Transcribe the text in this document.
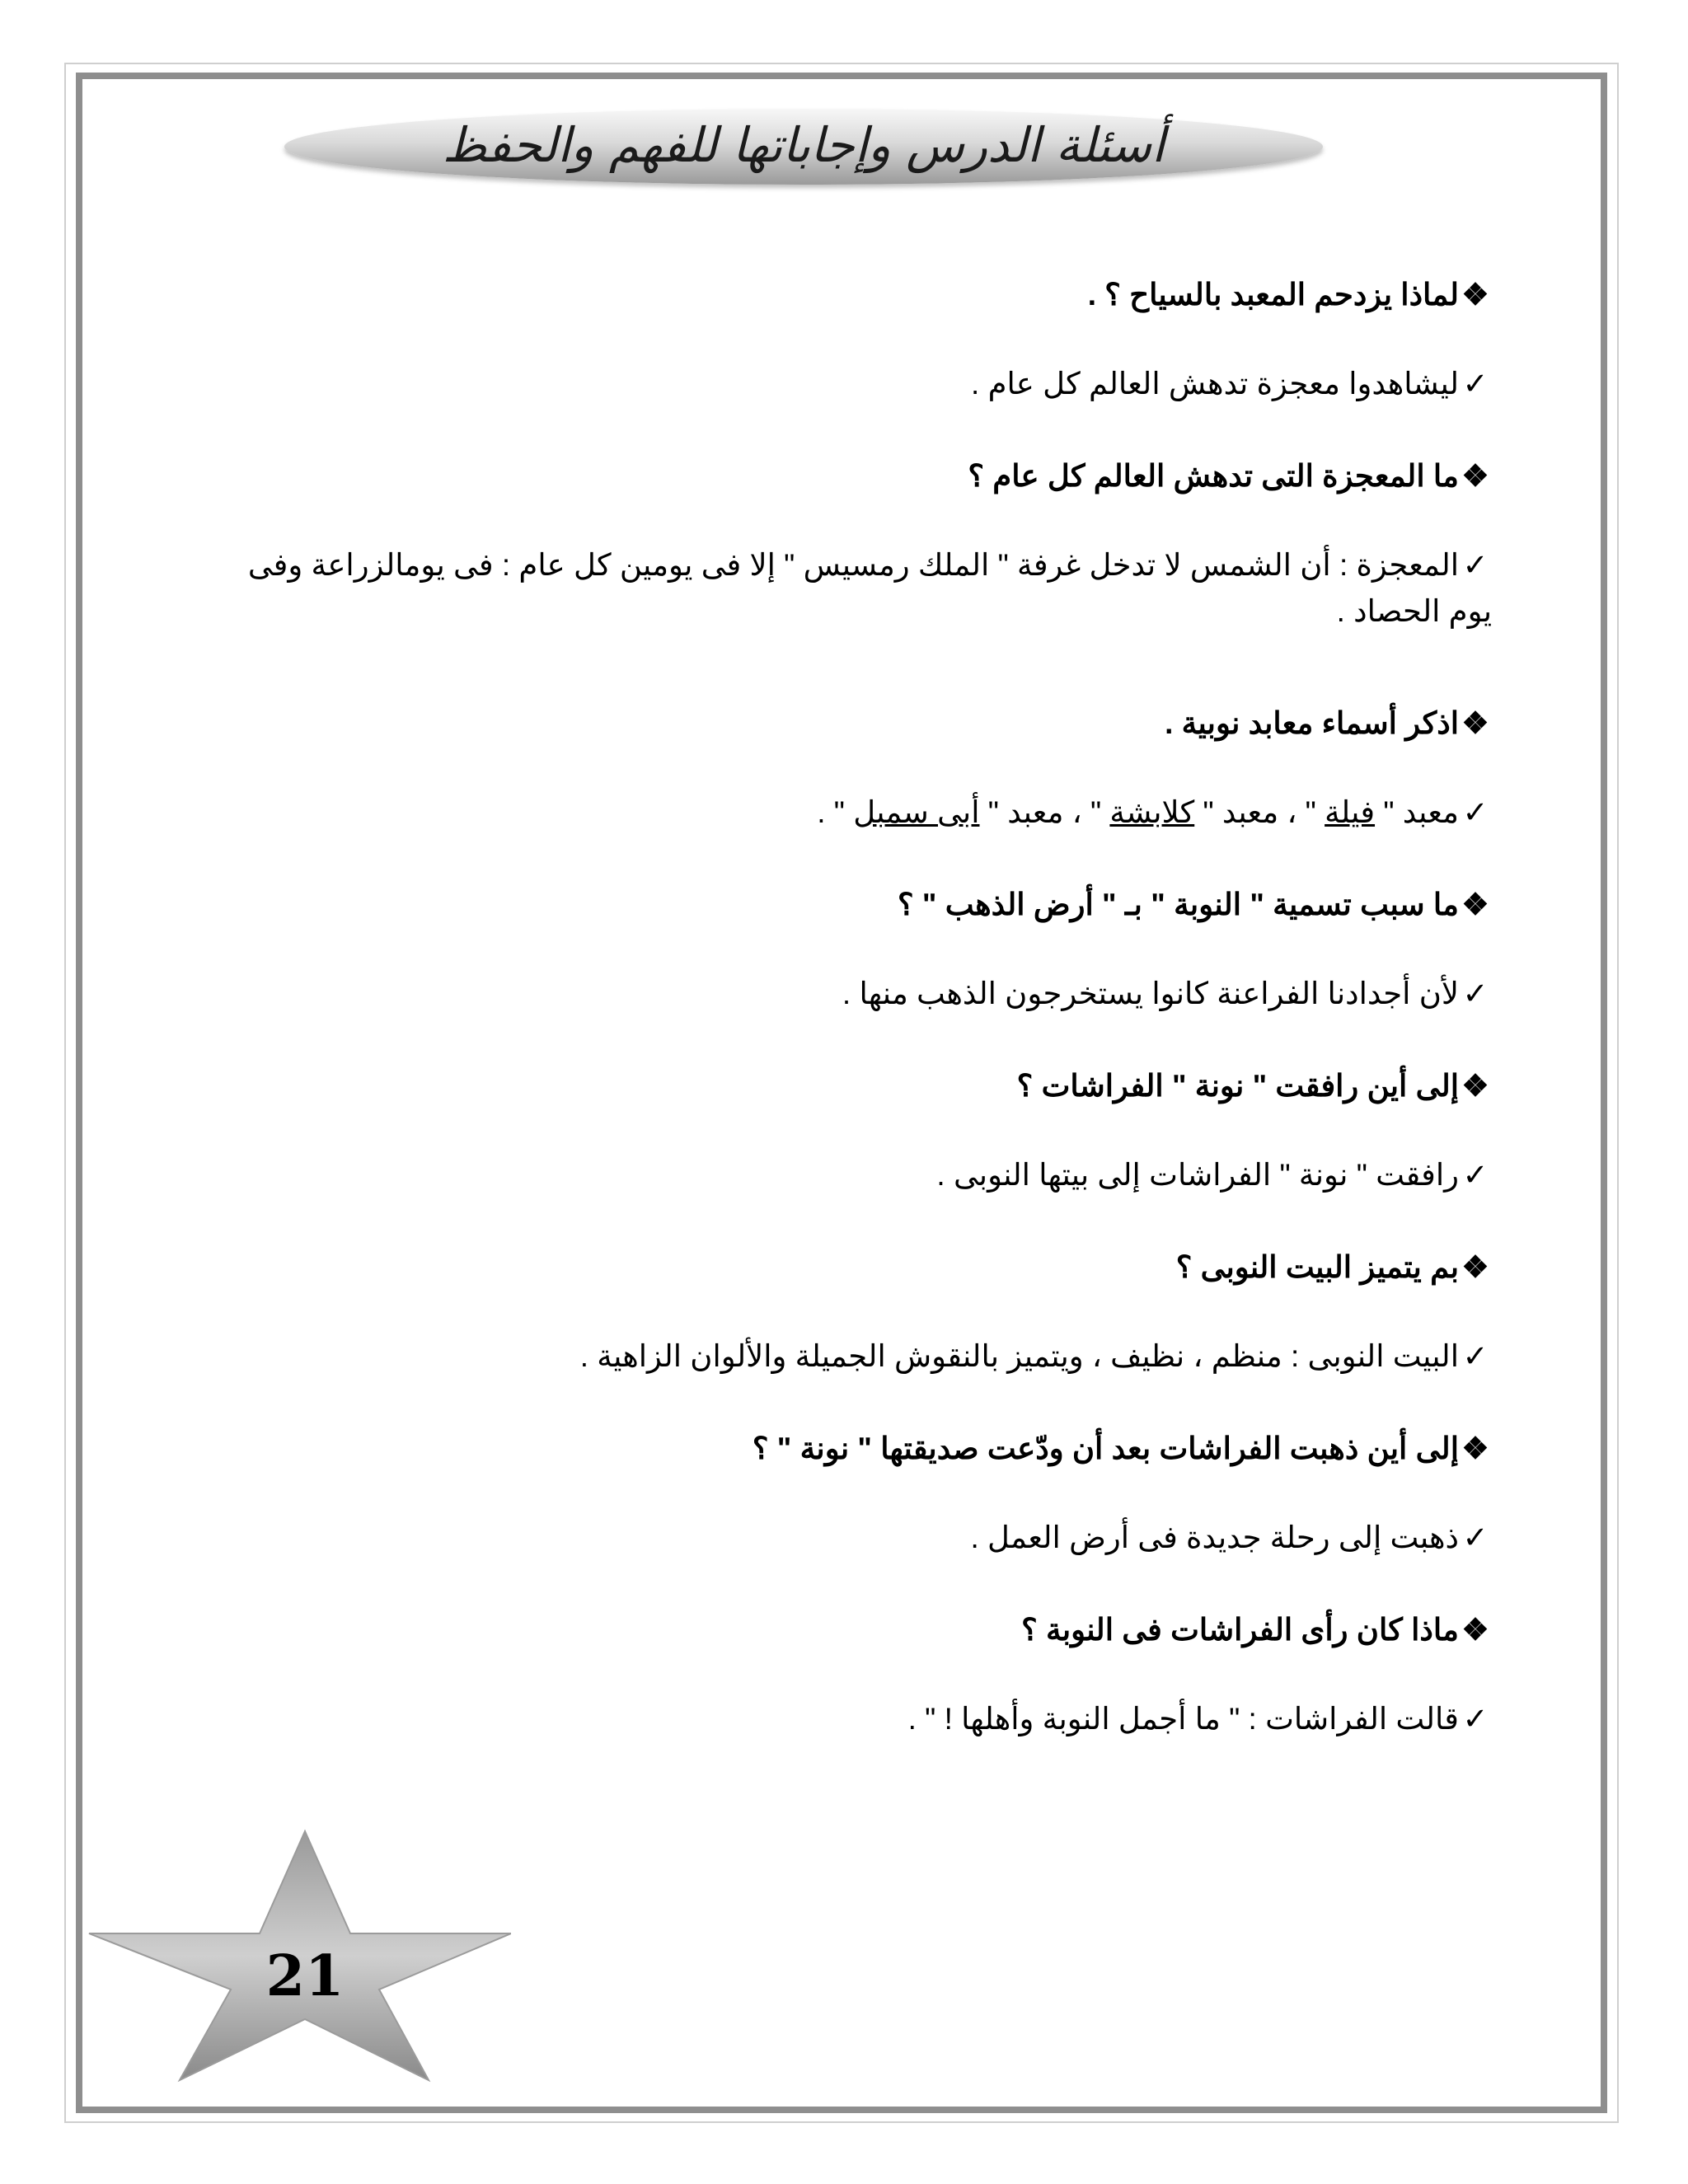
أسئلة الدرس وإجاباتها للفهم والحفظ
❖لماذا يزدحم المعبد بالسياح ؟ .
✓ليشاهدوا معجزة تدهش العالم كل عام .
❖ما المعجزة التى تدهش العالم كل عام ؟
✓المعجزة : أن الشمس لا تدخل غرفة " الملك رمسيس " إلا فى يومين كل عام : فى يومالزراعة وفى يوم الحصاد .
❖اذكر أسماء معابد نوبية .
✓معبد " فيلة " ، معبد " كلابشة " ، معبد " أبى سمبل " .
❖ما سبب تسمية " النوبة " بـ " أرض الذهب " ؟
✓لأن أجدادنا الفراعنة كانوا يستخرجون الذهب منها .
❖إلى أين رافقت " نونة " الفراشات ؟
✓رافقت " نونة " الفراشات إلى بيتها النوبى .
❖بم يتميز البيت النوبى ؟
✓البيت النوبى : منظم ، نظيف ، ويتميز بالنقوش الجميلة والألوان الزاهية .
❖إلى أين ذهبت الفراشات بعد أن ودّعت صديقتها " نونة " ؟
✓ذهبت إلى رحلة جديدة فى أرض العمل .
❖ماذا كان رأى الفراشات فى النوبة ؟
✓قالت الفراشات : " ما أجمل النوبة وأهلها ! " .
21
